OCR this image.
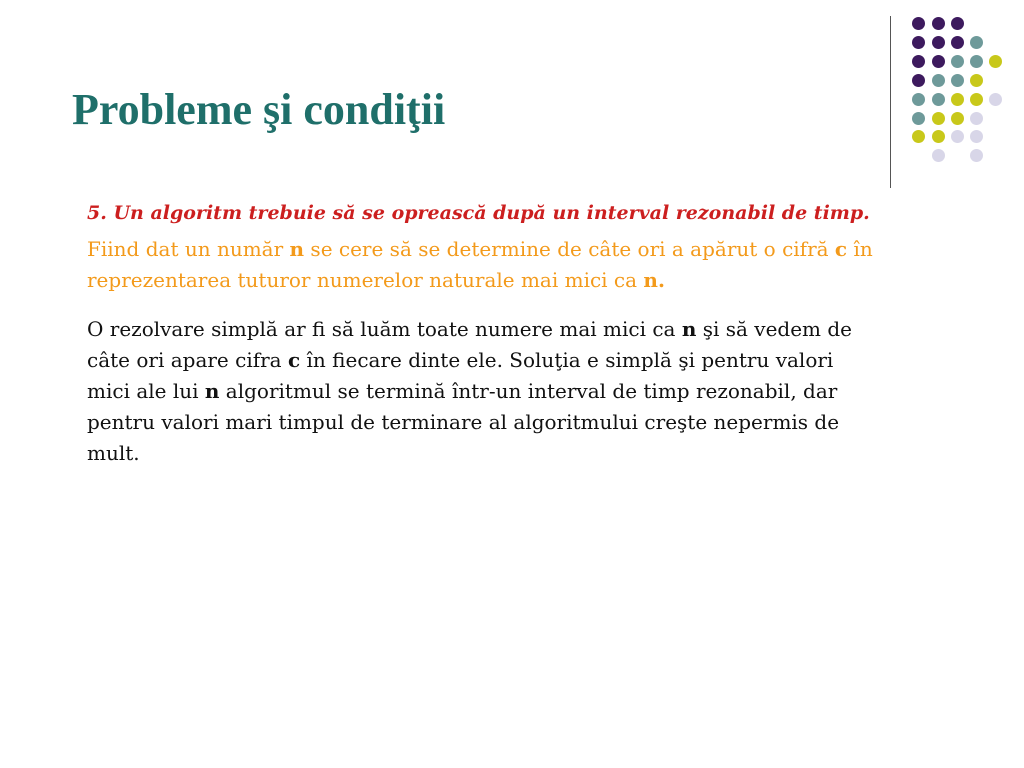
Probleme şi condiţii

5. Un algoritm trebuie să se oprească după un interval rezonabil de timp.

Fiind dat un număr n se cere să se determine de câte ori a apărut o cifră c în reprezentarea tuturor numerelor naturale mai mici ca n.

O rezolvare simplă ar fi să luăm toate numere mai mici ca n şi să vedem de câte ori apare cifra c în fiecare dinte ele. Soluţia e simplă şi pentru valori mici ale lui n algoritmul se termină într-un interval de timp rezonabil, dar pentru valori mari timpul de terminare al algoritmului creşte nepermis de mult.
